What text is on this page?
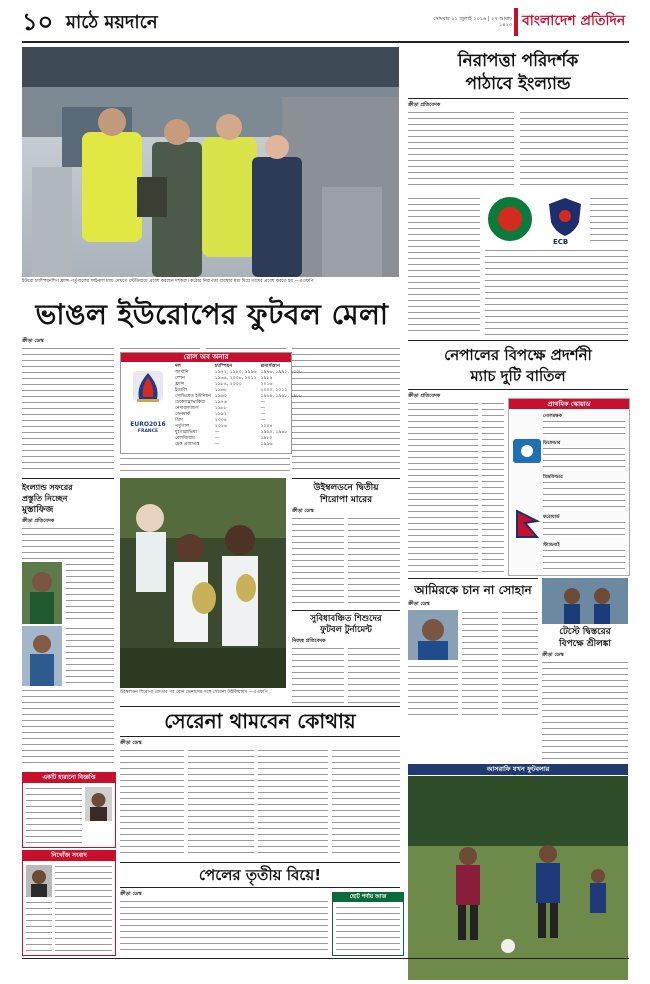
১০ মাঠে ময়দানে	সোমবার ১১ জুলাই ২০১৬ | ২৭ আষাঢ় ১৪২৩ বাংলাদেশ প্রতিদিন
ইউরো চ্যাম্পিয়নশিপ ফ্রান্স-পর্তুগালের ফাইনাল ম্যাচ দেখতে স্টেডিয়ামে প্রবেশ করছেন দর্শকরা। কঠোর নিরাপত্তা ব্যবস্থার মধ্য দিয়ে তাদের প্রবেশ করতে হয় —এএফপি
নিরাপত্তা পরিদর্শক
পাঠাবে ইংল্যান্ড
ক্রীড়া প্রতিবেদক
ECB
ভাঙল ইউরোপের ফুটবল মেলা
ক্রীড়া ডেস্ক
রোল অব অনার
EURO2016
FRANCE
দল	চ্যাম্পিয়ন	রানার্সআপ
জার্মানি	১৯৭২, ১৯৮০, ১৯৯৬	১৯৭৬, ১৯৯২, ২০০৮
স্পেন	১৯৬৪, ২০০৮, ২০১২	১৯৮৪
ফ্রান্স	১৯৮৪, ২০০০	২০১৬
ইতালি	১৯৬৮	২০০০, ২০১২
সোভিয়েত ইউনিয়ন	১৯৬০	১৯৬৪, ১৯৬৮, ১৯৮৮
চেকোস্লোভাকিয়া	১৯৭৬	—
নেদারল্যান্ডস	১৯৮৮	—
ডেনমার্ক	১৯৯২	—
গ্রিস	২০০৪	—
পর্তুগাল	২০১৬	২০০৪
যুগোস্লাভিয়া	—	১৯৬০, ১৯৬৮
বেলজিয়াম	—	১৯৮০
চেক প্রজাতন্ত্র	—	১৯৯৬
নেপালের বিপক্ষে প্রদর্শনী
ম্যাচ দুটি বাতিল
ক্রীড়া প্রতিবেদক
প্রাথমিক স্কোয়াড
গোলরক্ষক
ডিফেন্ডার
মিডফিল্ডার
ফরোয়ার্ড
স্ট্যান্ডবাই
ইংল্যান্ড সফরের
প্রস্তুতি নিচ্ছেন
মুস্তাফিজ
ক্রীড়া প্রতিবেদক
উইম্বলডন শিরোপা জেতার পর বোন ভেনাসের সঙ্গে সেরেনা উইলিয়ামস —এএফপি
উইম্বলডনে দ্বিতীয়
শিরোপা মারের
ক্রীড়া ডেস্ক
সুবিধাবঞ্চিত শিশুদের
ফুটবল টুর্নামেন্ট
নিজস্ব প্রতিবেদক
সেরেনা থামবেন কোথায়
ক্রীড়া ডেস্ক
আমিরকে চান না সোহান
ক্রীড়া ডেস্ক
টেস্টে দ্বিস্তরের
বিপক্ষে শ্রীলঙ্কা
ক্রীড়া ডেস্ক
আসরাফি যখন ফুটবলার
একটি হারানো বিজ্ঞপ্তি
নিখোঁজ সংবাদ
পেলের তৃতীয় বিয়ে!
ক্রীড়া ডেস্ক	ছোট পর্দায় আজ
